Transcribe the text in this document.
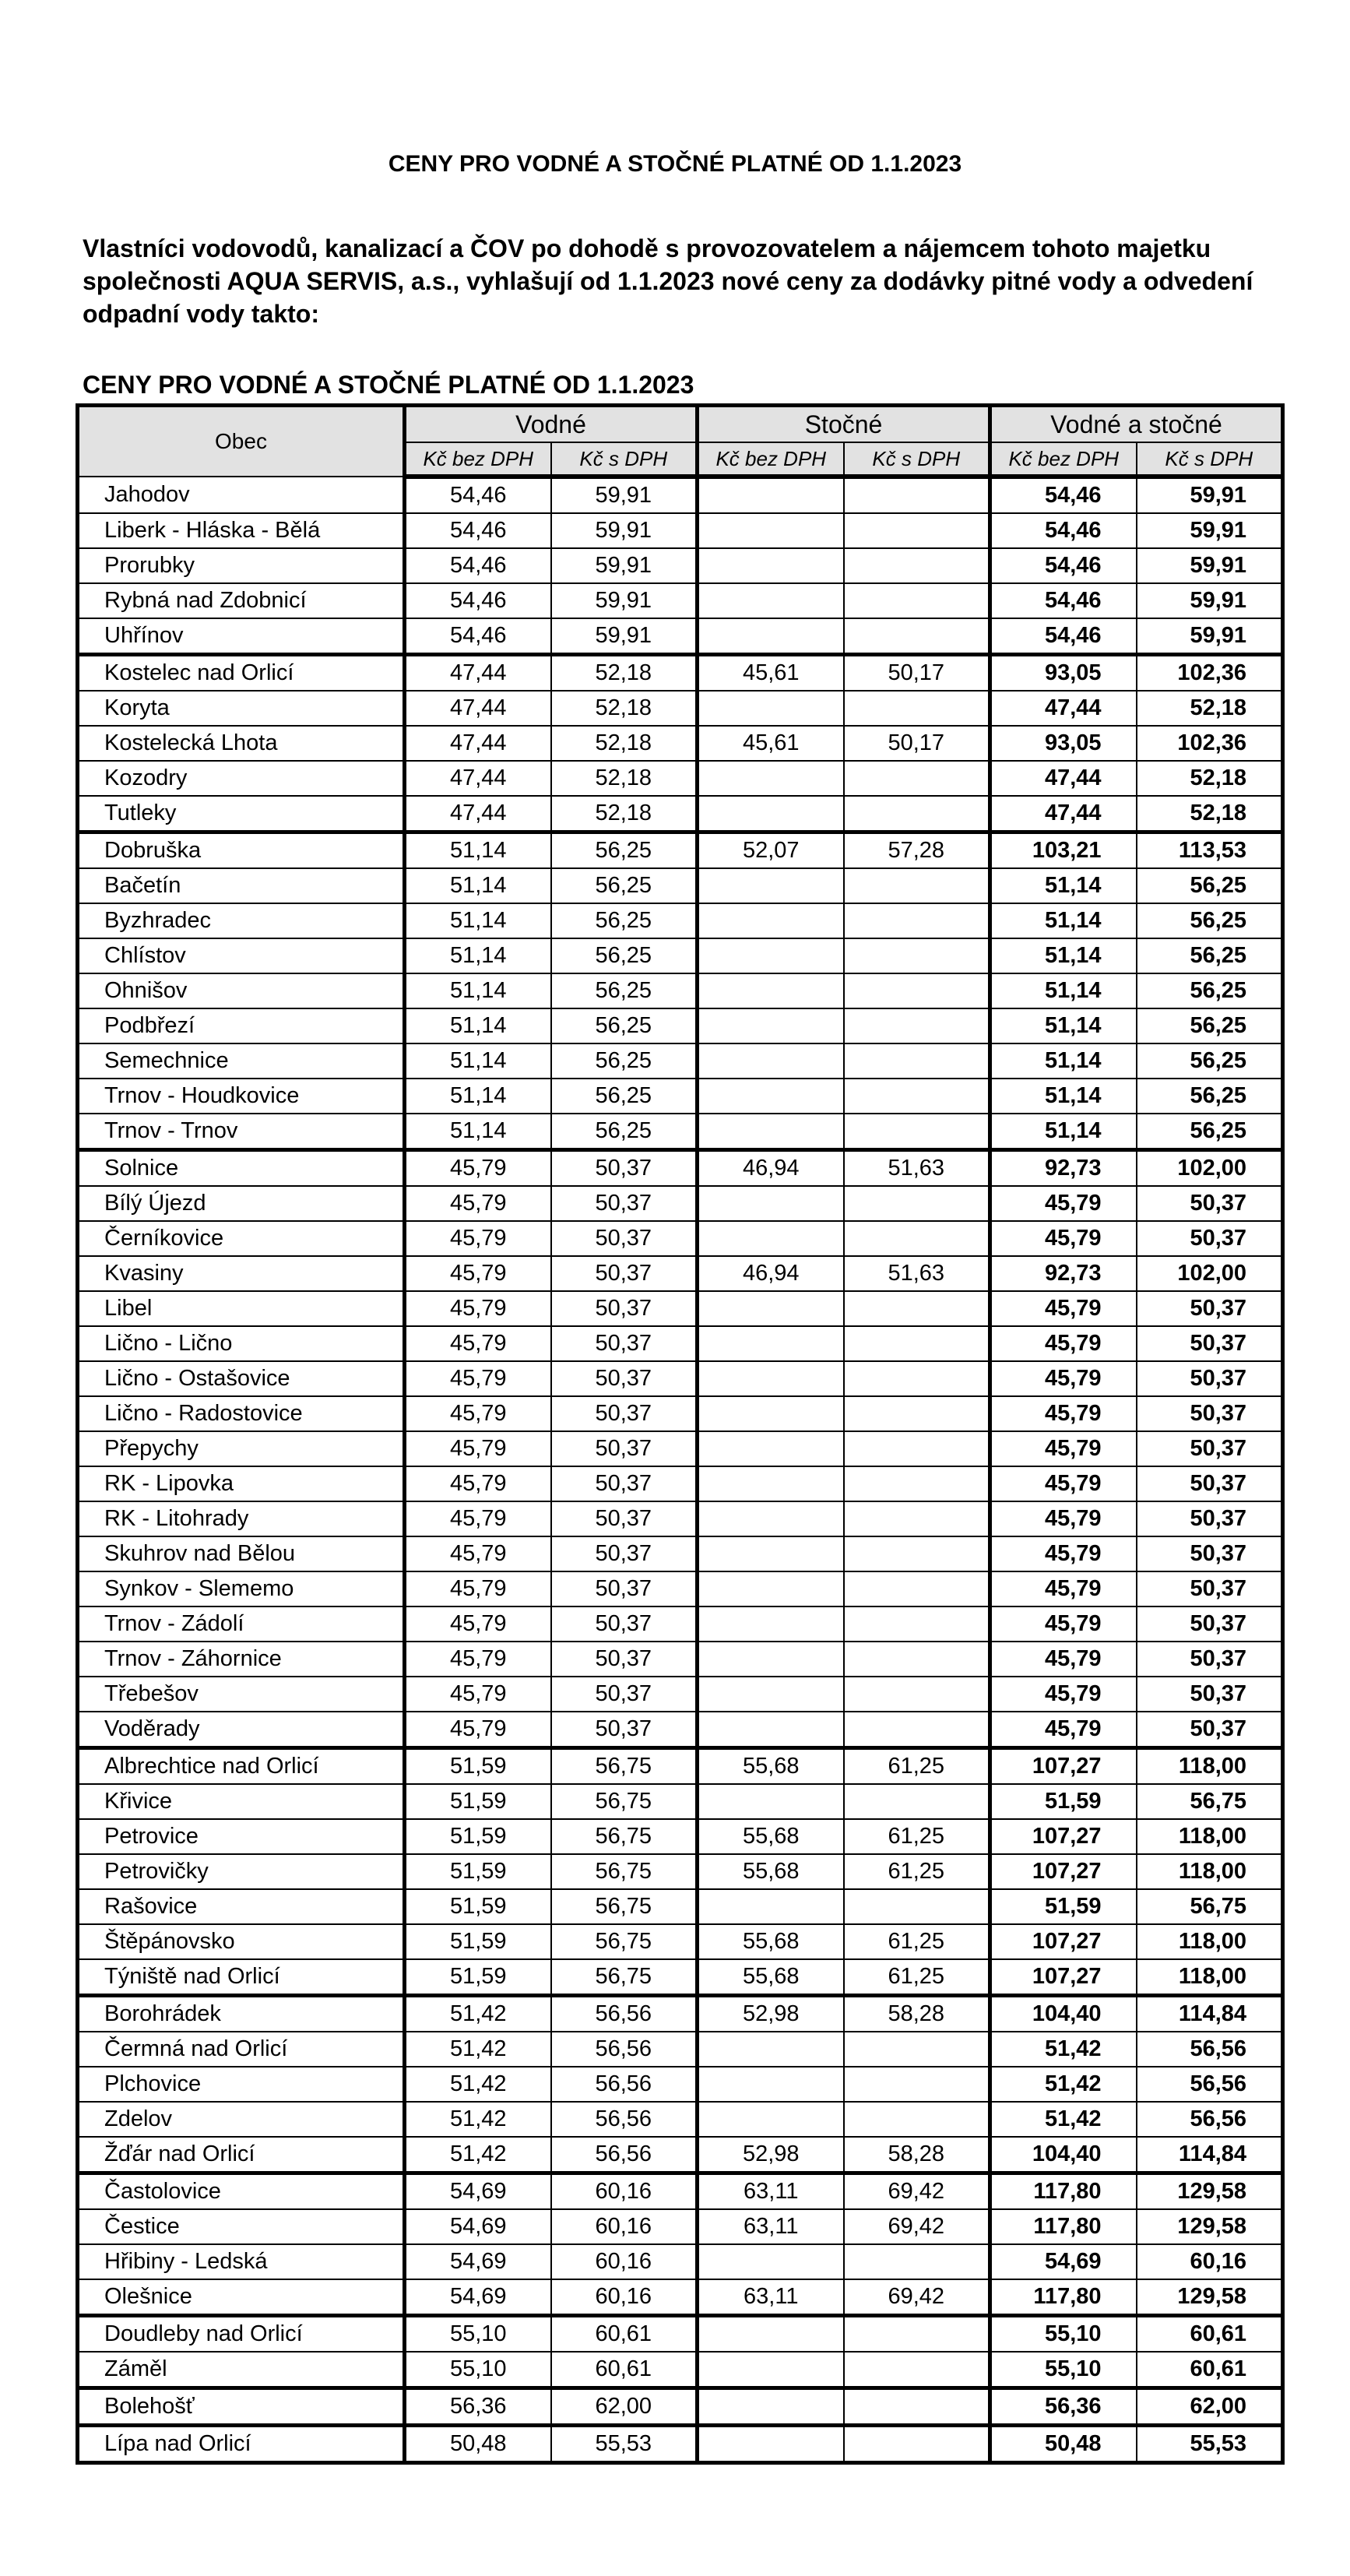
CENY PRO VODNÉ A STOČNÉ PLATNÉ OD 1.1.2023

Vlastníci vodovodů, kanalizací a ČOV po dohodě s provozovatelem a nájemcem tohoto majetku společnosti AQUA SERVIS, a.s., vyhlašují od 1.1.2023 nové ceny za dodávky pitné vody a odvedení odpadní vody takto:

CENY PRO VODNÉ A STOČNÉ PLATNÉ OD 1.1.2023
Obec	Vodné		Stočné		Vodné a stočné	
	Kč bez DPH	Kč s DPH	Kč bez DPH	Kč s DPH	Kč bez DPH	Kč s DPH
Jahodov	54,46	59,91			54,46	59,91
Liberk - Hláska - Bělá	54,46	59,91			54,46	59,91
Prorubky	54,46	59,91			54,46	59,91
Rybná nad Zdobnicí	54,46	59,91			54,46	59,91
Uhřínov	54,46	59,91			54,46	59,91
Kostelec nad Orlicí	47,44	52,18	45,61	50,17	93,05	102,36
Koryta	47,44	52,18			47,44	52,18
Kostelecká Lhota	47,44	52,18	45,61	50,17	93,05	102,36
Kozodry	47,44	52,18			47,44	52,18
Tutleky	47,44	52,18			47,44	52,18
Dobruška	51,14	56,25	52,07	57,28	103,21	113,53
Bačetín	51,14	56,25			51,14	56,25
Byzhradec	51,14	56,25			51,14	56,25
Chlístov	51,14	56,25			51,14	56,25
Ohnišov	51,14	56,25			51,14	56,25
Podbřezí	51,14	56,25			51,14	56,25
Semechnice	51,14	56,25			51,14	56,25
Trnov - Houdkovice	51,14	56,25			51,14	56,25
Trnov - Trnov	51,14	56,25			51,14	56,25
Solnice	45,79	50,37	46,94	51,63	92,73	102,00
Bílý Újezd	45,79	50,37			45,79	50,37
Černíkovice	45,79	50,37			45,79	50,37
Kvasiny	45,79	50,37	46,94	51,63	92,73	102,00
Libel	45,79	50,37			45,79	50,37
Lično - Lično	45,79	50,37			45,79	50,37
Lično - Ostašovice	45,79	50,37			45,79	50,37
Lično - Radostovice	45,79	50,37			45,79	50,37
Přepychy	45,79	50,37			45,79	50,37
RK - Lipovka	45,79	50,37			45,79	50,37
RK - Litohrady	45,79	50,37			45,79	50,37
Skuhrov nad Bělou	45,79	50,37			45,79	50,37
Synkov - Slememo	45,79	50,37			45,79	50,37
Trnov - Zádolí	45,79	50,37			45,79	50,37
Trnov - Záhornice	45,79	50,37			45,79	50,37
Třebešov	45,79	50,37			45,79	50,37
Voděrady	45,79	50,37			45,79	50,37
Albrechtice nad Orlicí	51,59	56,75	55,68	61,25	107,27	118,00
Křivice	51,59	56,75			51,59	56,75
Petrovice	51,59	56,75	55,68	61,25	107,27	118,00
Petrovičky	51,59	56,75	55,68	61,25	107,27	118,00
Rašovice	51,59	56,75			51,59	56,75
Štěpánovsko	51,59	56,75	55,68	61,25	107,27	118,00
Týniště nad Orlicí	51,59	56,75	55,68	61,25	107,27	118,00
Borohrádek	51,42	56,56	52,98	58,28	104,40	114,84
Čermná nad Orlicí	51,42	56,56			51,42	56,56
Plchovice	51,42	56,56			51,42	56,56
Zdelov	51,42	56,56			51,42	56,56
Žďár nad Orlicí	51,42	56,56	52,98	58,28	104,40	114,84
Častolovice	54,69	60,16	63,11	69,42	117,80	129,58
Čestice	54,69	60,16	63,11	69,42	117,80	129,58
Hřibiny - Ledská	54,69	60,16			54,69	60,16
Olešnice	54,69	60,16	63,11	69,42	117,80	129,58
Doudleby nad Orlicí	55,10	60,61			55,10	60,61
Záměl	55,10	60,61			55,10	60,61
Bolehošť	56,36	62,00			56,36	62,00
Lípa nad Orlicí	50,48	55,53			50,48	55,53
